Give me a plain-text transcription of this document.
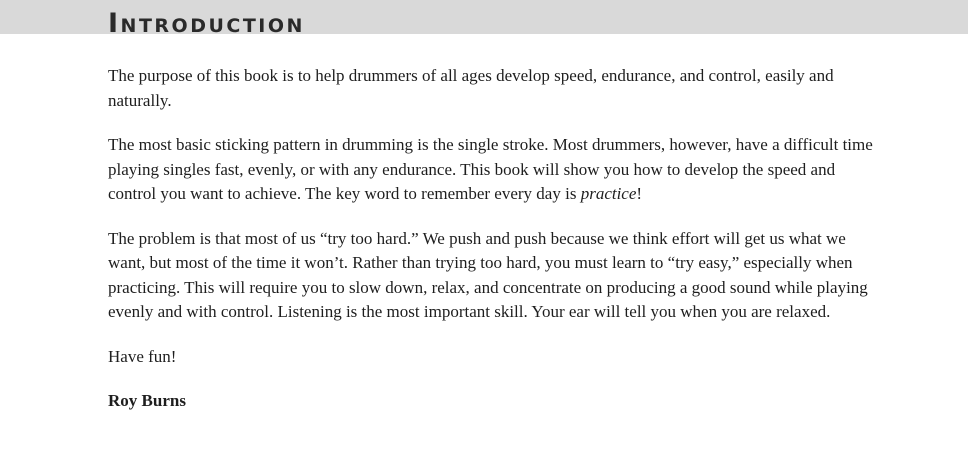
Introduction

The purpose of this book is to help drummers of all ages develop speed, endurance, and control, easily and naturally.

The most basic sticking pattern in drumming is the single stroke. Most drummers, however, have a difficult time playing singles fast, evenly, or with any endurance. This book will show you how to develop the speed and control you want to achieve. The key word to remember every day is practice!

The problem is that most of us “try too hard.” We push and push because we think effort will get us what we want, but most of the time it won’t. Rather than trying too hard, you must learn to “try easy,” especially when practicing. This will require you to slow down, relax, and concentrate on producing a good sound while playing evenly and with control. Listening is the most important skill. Your ear will tell you when you are relaxed.

Have fun!

Roy Burns
